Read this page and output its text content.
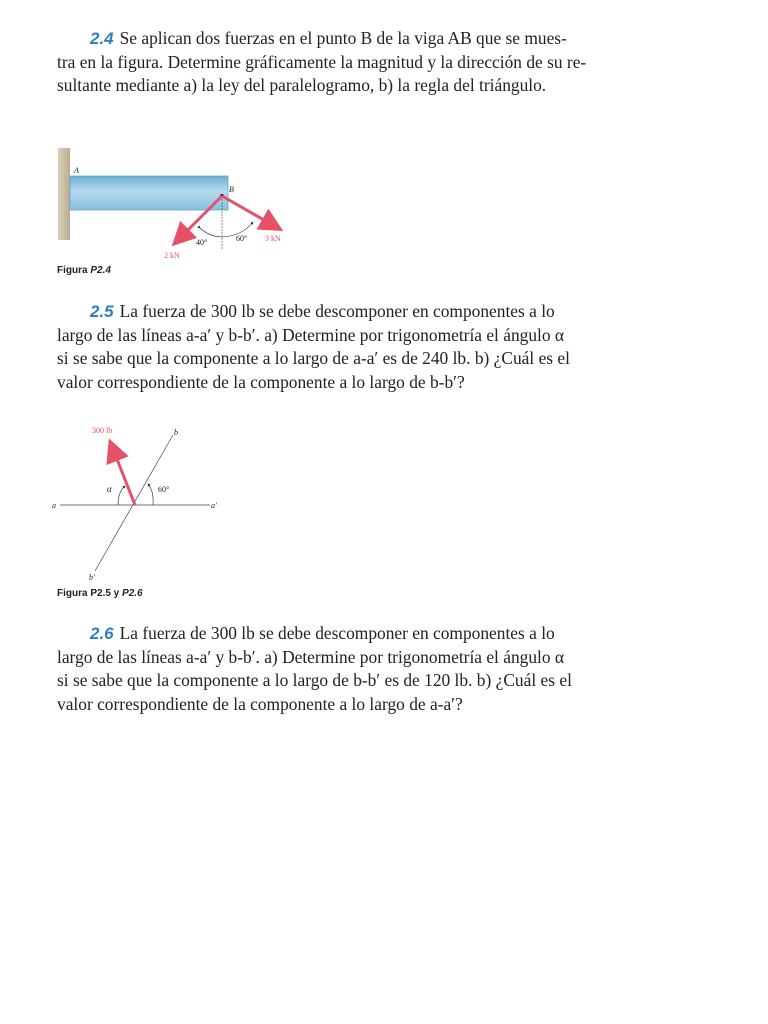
2.4 Se aplican dos fuerzas en el punto B de la viga AB que se mues-
tra en la figura. Determine gráficamente la magnitud y la dirección de su re-
sultante mediante a) la ley del paralelogramo, b) la regla del triángulo.
A
B
40°	60°
2 kN
3 kN
Figura P2.4
2.5 La fuerza de 300 lb se debe descomponer en componentes a lo
largo de las líneas a-a′ y b-b′. a) Determine por trigonometría el ángulo α
si se sabe que la componente a lo largo de a-a′ es de 240 lb. b) ¿Cuál es el
valor correspondiente de la componente a lo largo de b-b′?
300 lb	b
b′
a	a′
α	60°
Figura P2.5 y P2.6
2.6 La fuerza de 300 lb se debe descomponer en componentes a lo
largo de las líneas a-a′ y b-b′. a) Determine por trigonometría el ángulo α
si se sabe que la componente a lo largo de b-b′ es de 120 lb. b) ¿Cuál es el
valor correspondiente de la componente a lo largo de a-a′?
